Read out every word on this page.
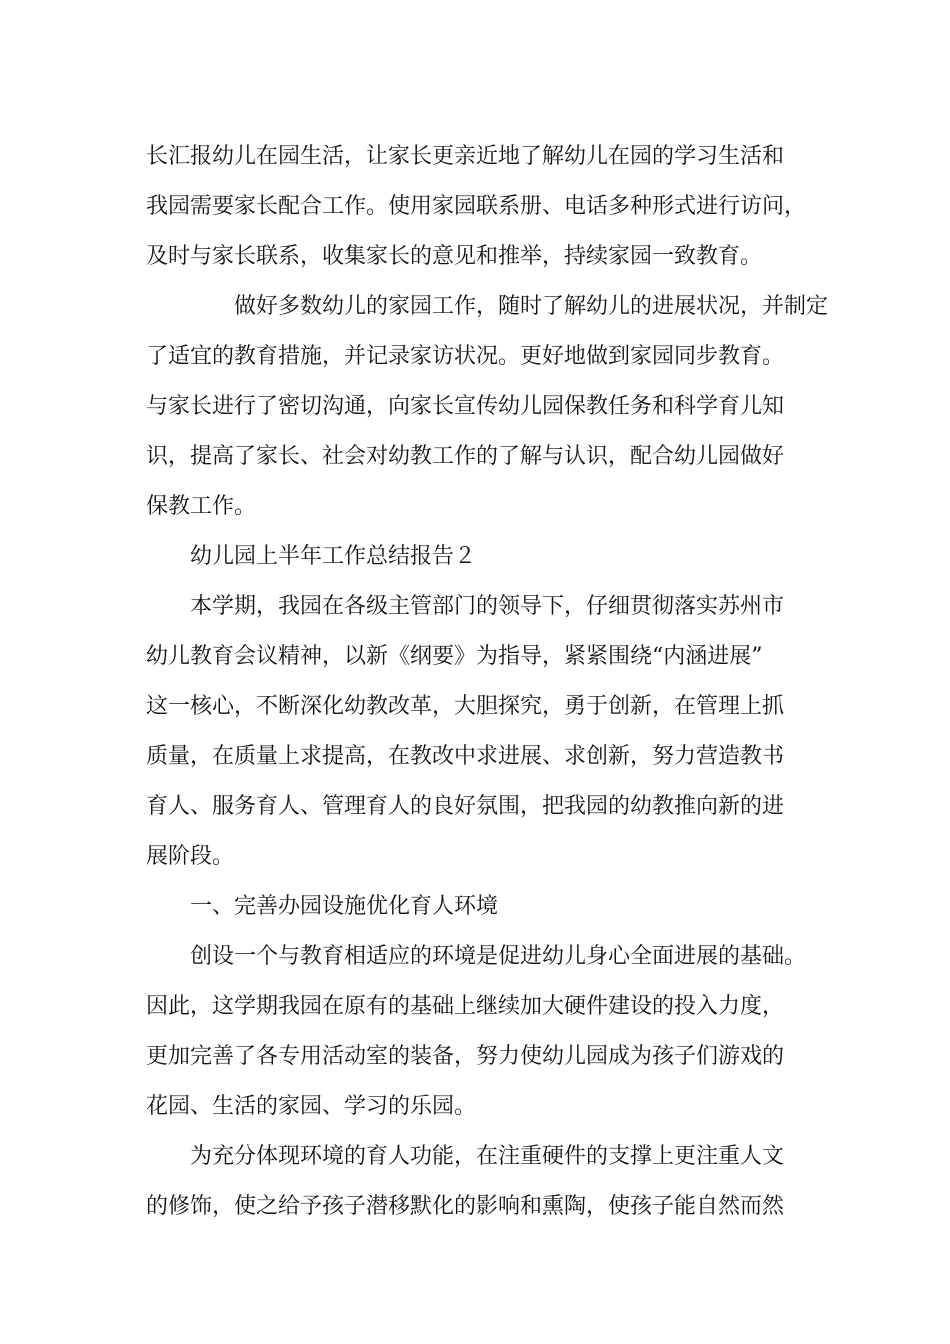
长汇报幼儿在园生活，让家长更亲近地了解幼儿在园的学习生活和
我园需要家长配合工作。使用家园联系册、电话多种形式进行访问，
及时与家长联系，收集家长的意见和推举，持续家园一致教育。
做好多数幼儿的家园工作，随时了解幼儿的进展状况，并制定
了适宜的教育措施，并记录家访状况。更好地做到家园同步教育。
与家长进行了密切沟通，向家长宣传幼儿园保教任务和科学育儿知
识，提高了家长、社会对幼教工作的了解与认识，配合幼儿园做好
保教工作。
幼儿园上半年工作总结报告２
本学期，我园在各级主管部门的领导下，仔细贯彻落实苏州市
幼儿教育会议精神，以新《纲要》为指导，紧紧围绕“内涵进展”
这一核心，不断深化幼教改革，大胆探究，勇于创新，在管理上抓
质量，在质量上求提高，在教改中求进展、求创新，努力营造教书
育人、服务育人、管理育人的良好氛围，把我园的幼教推向新的进
展阶段。
一、完善办园设施优化育人环境
创设一个与教育相适应的环境是促进幼儿身心全面进展的基础。
因此，这学期我园在原有的基础上继续加大硬件建设的投入力度，
更加完善了各专用活动室的装备，努力使幼儿园成为孩子们游戏的
花园、生活的家园、学习的乐园。
为充分体现环境的育人功能，在注重硬件的支撑上更注重人文
的修饰，使之给予孩子潜移默化的影响和熏陶，使孩子能自然而然
